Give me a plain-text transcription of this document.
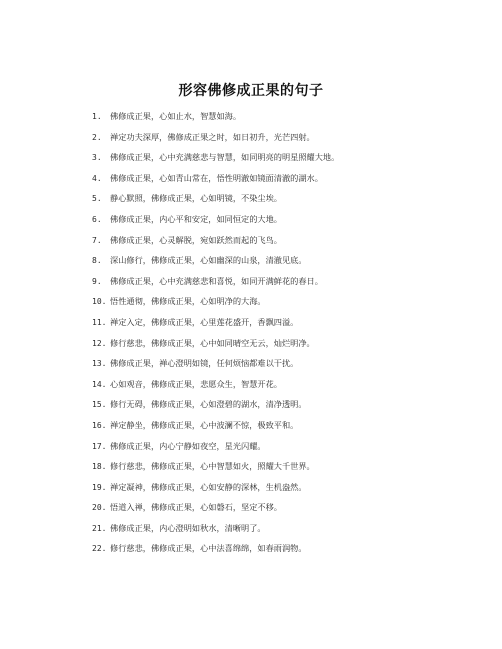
形容佛修成正果的句子
1. 佛修成正果，心如止水，智慧如海。
2. 禅定功夫深厚，佛修成正果之时，如日初升，光芒四射。
3. 佛修成正果，心中充满慈悲与智慧，如同明亮的明星照耀大地。
4. 佛修成正果，心如青山常在，悟性明澈如镜面清澈的湖水。
5. 静心默照，佛修成正果，心如明镜，不染尘埃。
6. 佛修成正果，内心平和安定，如同恒定的大地。
7. 佛修成正果，心灵解脱，宛如跃然而起的飞鸟。
8. 深山修行，佛修成正果，心如幽深的山泉，清澈见底。
9. 佛修成正果，心中充满慈悲和喜悦，如同开满鲜花的春日。
10. 悟性通彻，佛修成正果，心如明净的大海。
11. 禅定入定，佛修成正果，心里莲花盛开，香飘四溢。
12. 修行慈悲，佛修成正果，心中如同晴空无云，灿烂明净。
13. 佛修成正果，禅心澄明如镜，任何烦恼都难以干扰。
14. 心如观音，佛修成正果，悲愿众生，智慧开花。
15. 修行无碍，佛修成正果，心如澄碧的湖水，清净透明。
16. 禅定静坐，佛修成正果，心中波澜不惊，极致平和。
17. 佛修成正果，内心宁静如夜空，星光闪耀。
18. 修行慈悲，佛修成正果，心中智慧如火，照耀大千世界。
19. 禅定凝神，佛修成正果，心如安静的深林，生机盎然。
20. 悟道入禅，佛修成正果，心如磐石，坚定不移。
21. 佛修成正果，内心澄明如秋水，清晰明了。
22. 修行慈悲，佛修成正果，心中法喜绵绵，如春雨润物。
